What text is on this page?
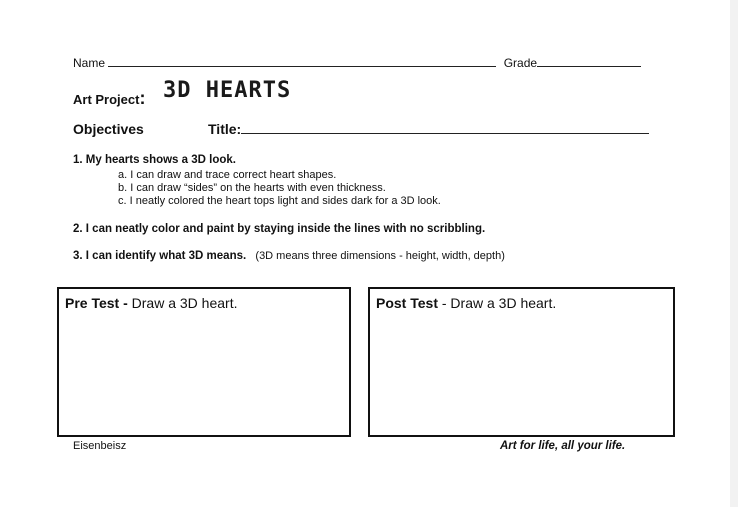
Name	Grade
Art Project: 3D HEARTS
Objectives	Title:
1. My hearts shows a 3D look.
a. I can draw and trace correct heart shapes.
b. I can draw “sides” on the hearts with even thickness.
c. I neatly colored the heart tops light and sides dark for a 3D look.
2. I can neatly color and paint by staying inside the lines with no scribbling.
3. I can identify what 3D means. (3D means three dimensions - height, width, depth)
Pre Test - Draw a 3D heart.	Post Test - Draw a 3D heart.
Eisenbeisz	Art for life, all your life.
